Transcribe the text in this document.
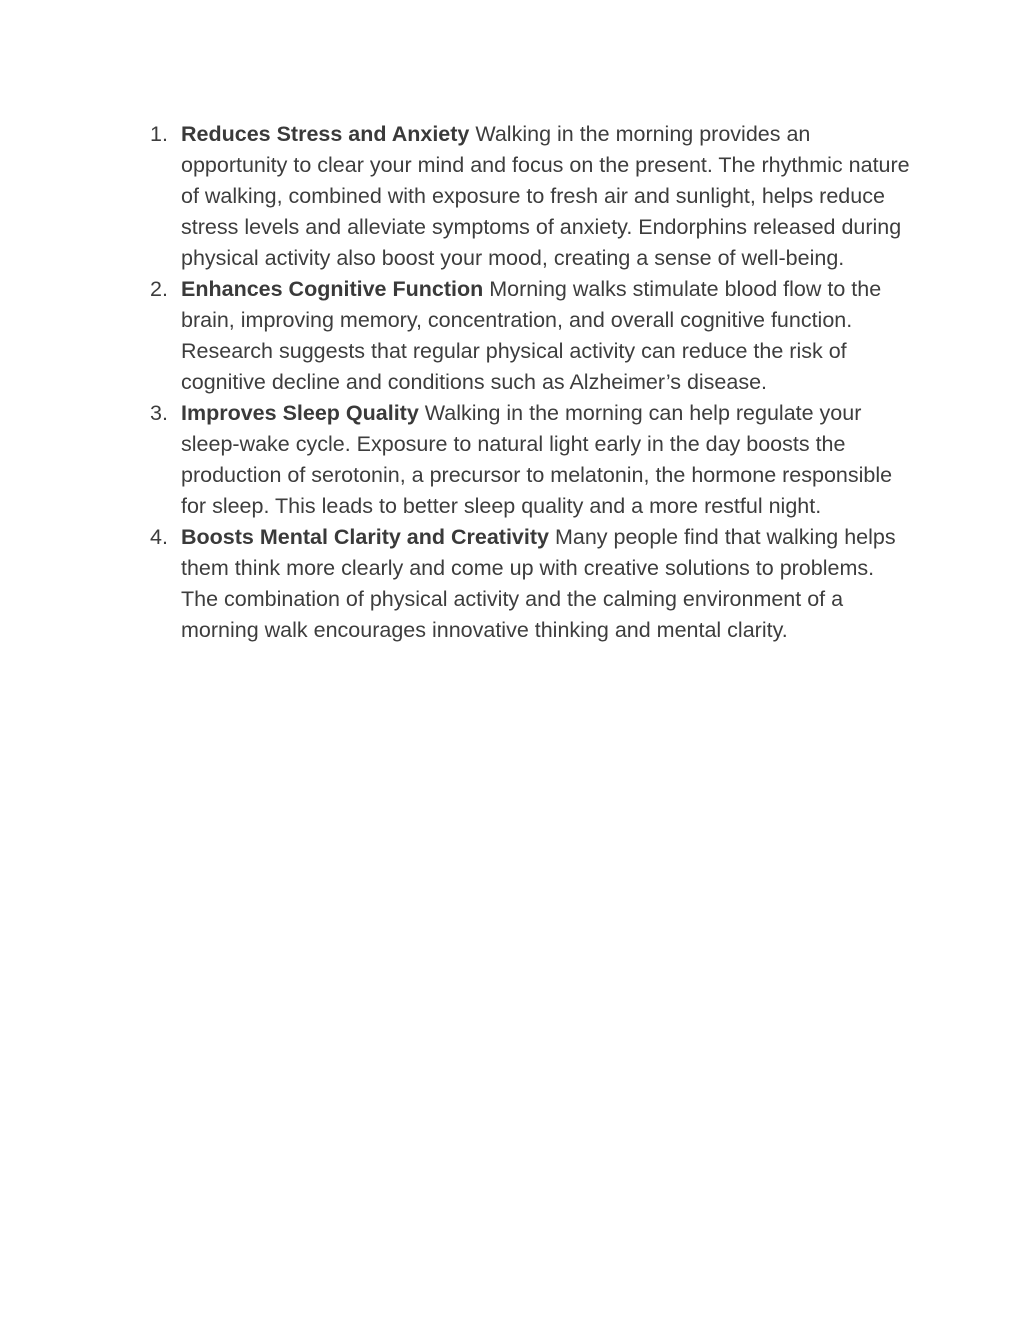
1. Reduces Stress and Anxiety Walking in the morning provides an opportunity to clear your mind and focus on the present. The rhythmic nature of walking, combined with exposure to fresh air and sunlight, helps reduce stress levels and alleviate symptoms of anxiety. Endorphins released during physical activity also boost your mood, creating a sense of well-being.
2. Enhances Cognitive Function Morning walks stimulate blood flow to the brain, improving memory, concentration, and overall cognitive function. Research suggests that regular physical activity can reduce the risk of cognitive decline and conditions such as Alzheimer’s disease.
3. Improves Sleep Quality Walking in the morning can help regulate your sleep-wake cycle. Exposure to natural light early in the day boosts the production of serotonin, a precursor to melatonin, the hormone responsible for sleep. This leads to better sleep quality and a more restful night.
4. Boosts Mental Clarity and Creativity Many people find that walking helps them think more clearly and come up with creative solutions to problems. The combination of physical activity and the calming environment of a morning walk encourages innovative thinking and mental clarity.
